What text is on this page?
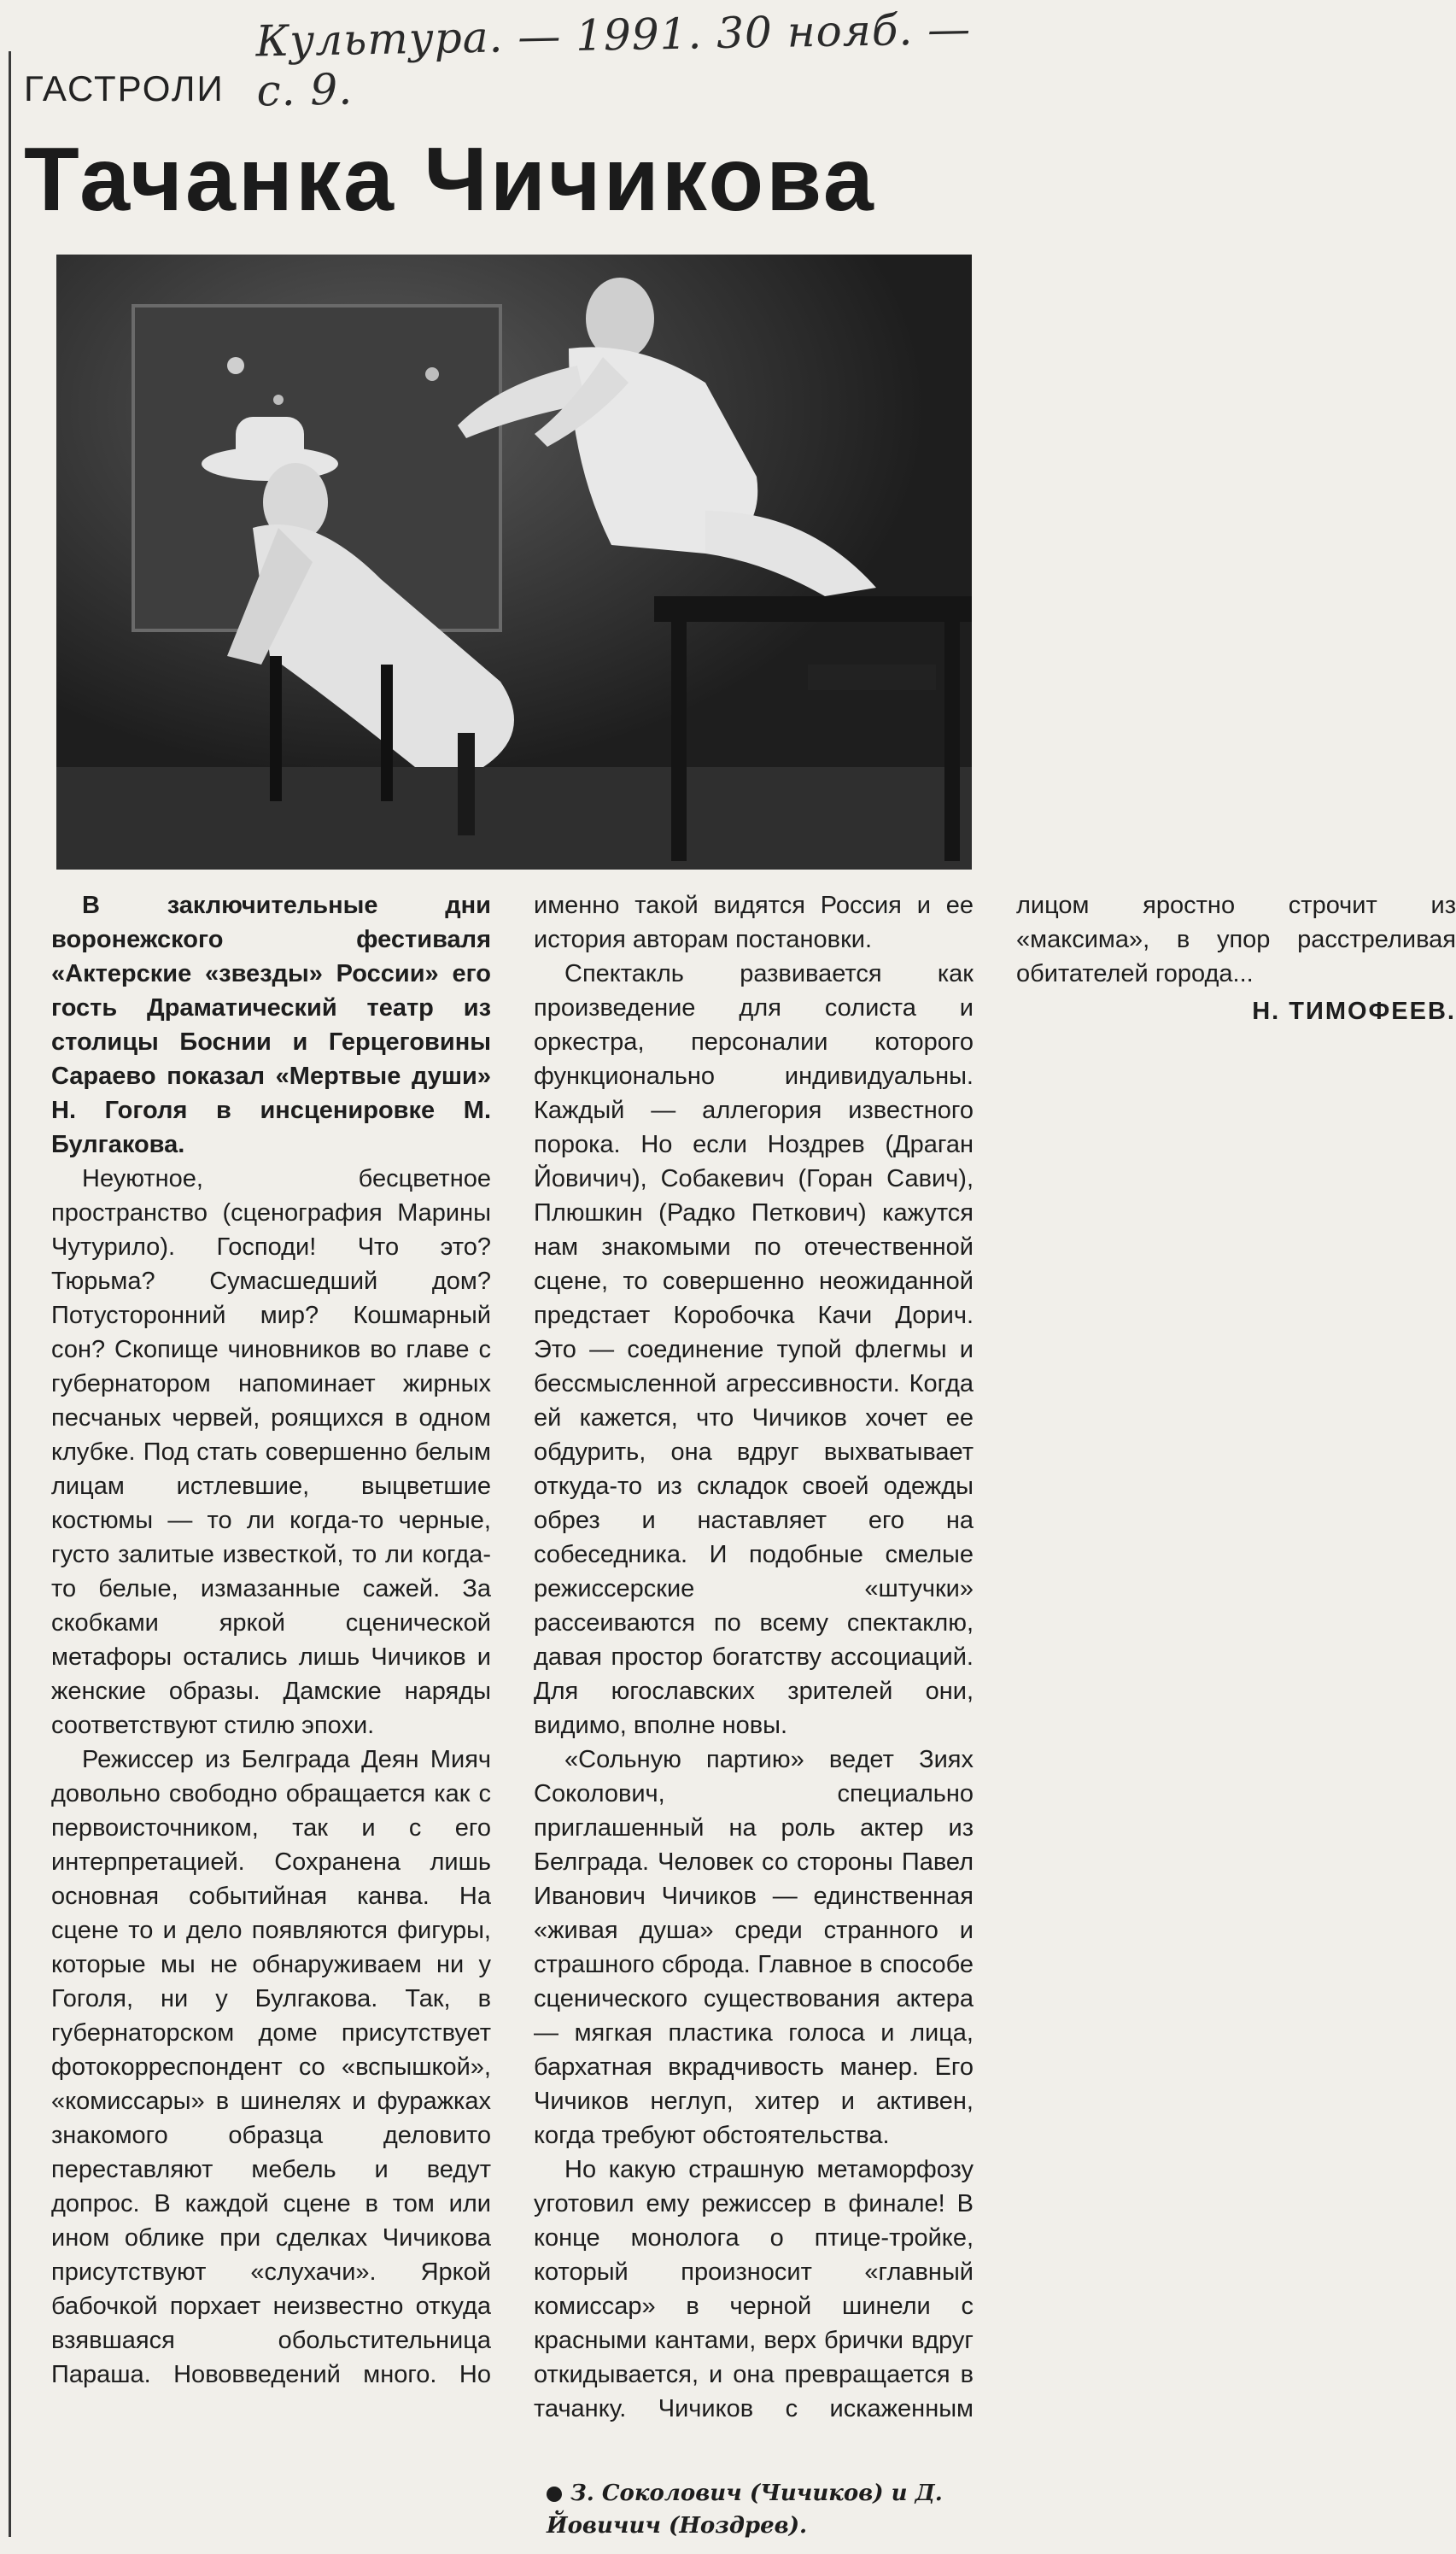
Культура. — 1991. 30 нояб. — с. 9.
ГАСТРОЛИ
Тачанка Чичикова

В заключительные дни воронежского фестиваля «Актерские «звезды» России» его гость Драматический театр из столицы Боснии и Герцеговины Сараево показал «Мертвые души» Н. Гоголя в инсценировке М. Булгакова.

Неуютное, бесцветное пространство (сценография Марины Чутурило). Господи! Что это? Тюрьма? Сумасшедший дом? Потусторонний мир? Кошмарный сон? Скопище чиновников во главе с губернатором напоминает жирных песчаных червей, роящихся в одном клубке. Под стать совершенно белым лицам истлевшие, выцветшие костюмы — то ли когда-то черные, густо залитые известкой, то ли когда-то белые, измазанные сажей. За скобками яркой сценической метафоры остались лишь Чичиков и женские образы. Дамские наряды соответствуют стилю эпохи.

Режиссер из Белграда Деян Мияч довольно свободно обращается как с первоисточником, так и с его интерпретацией. Сохранена лишь основная событийная канва. На сцене то и дело появляются фигуры, которые мы не обнаруживаем ни у Гоголя, ни у Булгакова. Так, в губернаторском доме присутствует фотокорреспондент со «вспышкой», «комиссары» в шинелях и фуражках знакомого образца деловито переставляют мебель и ведут допрос. В каждой сцене в том или ином облике при сделках Чичикова присутствуют «слухачи». Яркой бабочкой порхает неизвестно откуда взявшаяся обольстительница Параша. Нововведений много. Но именно такой видятся Россия и ее история авторам постановки.

Спектакль развивается как произведение для солиста и оркестра, персоналии которого функционально индивидуальны. Каждый — аллегория известного порока. Но если Ноздрев (Драган Йовичич), Собакевич (Горан Савич), Плюшкин (Радко Петкович) кажутся нам знакомыми по отечественной сцене, то совершенно неожиданной предстает Коробочка Качи Дорич. Это — соединение тупой флегмы и бессмысленной агрессивности. Когда ей кажется, что Чичиков хочет ее обдурить, она вдруг выхватывает откуда-то из складок своей одежды обрез и наставляет его на собеседника. И подобные смелые режиссерские «штучки» рассеиваются по всему спектаклю, давая простор богатству ассоциаций. Для югославских зрителей они, видимо, вполне новы.

«Сольную партию» ведет Зиях Соколович, специально приглашенный на роль актер из Белграда. Человек со стороны Павел Иванович Чичиков — единственная «живая душа» среди странного и страшного сброда. Главное в способе сценического существования актера — мягкая пластика голоса и лица, бархатная вкрадчивость манер. Его Чичиков неглуп, хитер и активен, когда требуют обстоятельства.

Но какую страшную метаморфозу уготовил ему режиссер в финале! В конце монолога о птице-тройке, который произносит «главный комиссар» в черной шинели с красными кантами, верх брички вдруг откидывается, и она превращается в тачанку. Чичиков с искаженным лицом яростно строчит из «максима», в упор расстреливая обитателей города...

Н. ТИМОФЕЕВ.

З. Соколович (Чичиков) и Д. Йовичич (Ноздрев).
